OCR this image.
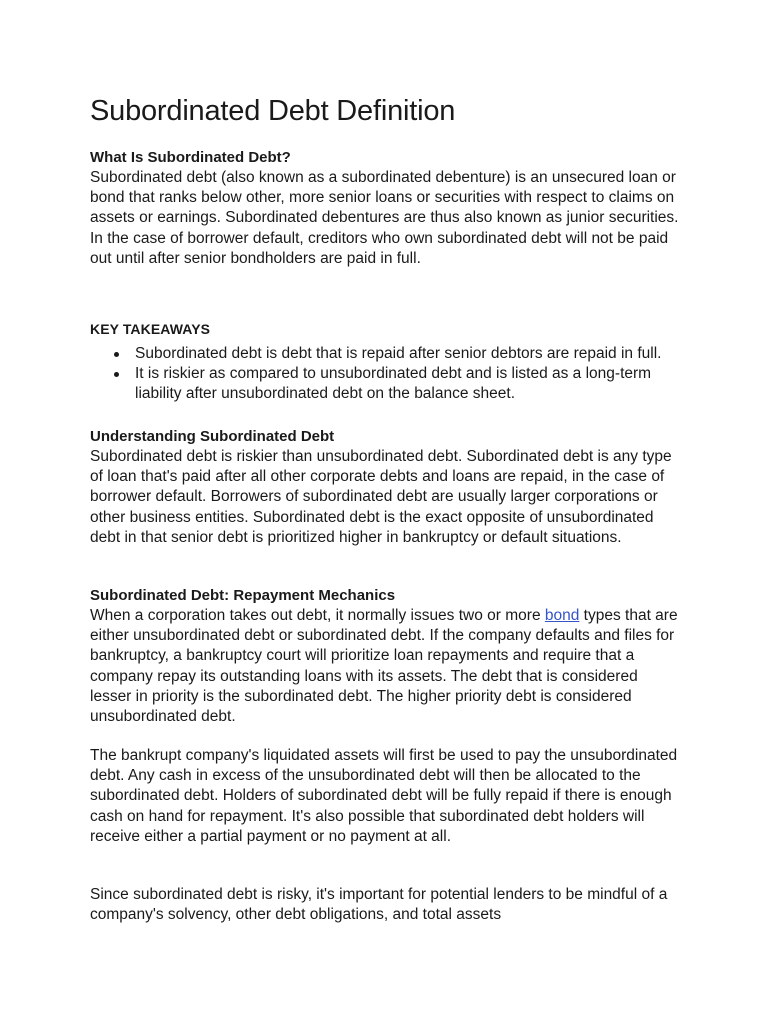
Subordinated Debt Definition

What Is Subordinated Debt?

Subordinated debt (also known as a subordinated debenture) is an unsecured loan or bond that ranks below other, more senior loans or securities with respect to claims on assets or earnings. Subordinated debentures are thus also known as junior securities. In the case of borrower default, creditors who own subordinated debt will not be paid out until after senior bondholders are paid in full.

KEY TAKEAWAYS

Subordinated debt is debt that is repaid after senior debtors are repaid in full.
It is riskier as compared to unsubordinated debt and is listed as a long-term liability after unsubordinated debt on the balance sheet.

Understanding Subordinated Debt

Subordinated debt is riskier than unsubordinated debt. Subordinated debt is any type of loan that's paid after all other corporate debts and loans are repaid, in the case of borrower default. Borrowers of subordinated debt are usually larger corporations or other business entities. Subordinated debt is the exact opposite of unsubordinated debt in that senior debt is prioritized higher in bankruptcy or default situations.

Subordinated Debt: Repayment Mechanics

When a corporation takes out debt, it normally issues two or more bond types that are either unsubordinated debt or subordinated debt. If the company defaults and files for bankruptcy, a bankruptcy court will prioritize loan repayments and require that a company repay its outstanding loans with its assets. The debt that is considered lesser in priority is the subordinated debt. The higher priority debt is considered unsubordinated debt.

The bankrupt company's liquidated assets will first be used to pay the unsubordinated debt. Any cash in excess of the unsubordinated debt will then be allocated to the subordinated debt. Holders of subordinated debt will be fully repaid if there is enough cash on hand for repayment. It's also possible that subordinated debt holders will receive either a partial payment or no payment at all.

Since subordinated debt is risky, it's important for potential lenders to be mindful of a company's solvency, other debt obligations, and total assets
